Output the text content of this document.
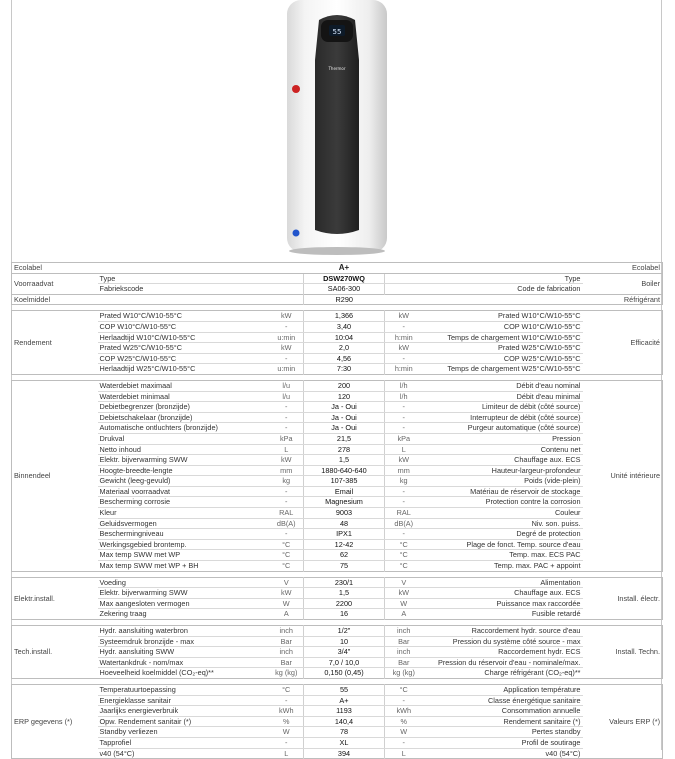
55
Thermor
Ecolabel			A+			Ecolabel
Voorraadvat	Type		DSW270WQ		Type	Boiler
	Fabriekscode		SA06-300		Code de fabrication	
Koelmiddel			R290			Réfrigérant

Rendement	Prated W10°C/W10-55°C	kW	1,366	kW	Prated W10°C/W10-55°C	Efficacité
	COP W10°C/W10-55°C	-	3,40	-	COP W10°C/W10-55°C	
	Herlaadtijd W10°C/W10-55°C	u:min	10:04	h:min	Temps de chargement W10°C/W10-55°C	
	Prated W25°C/W10-55°C	kW	2,0	kW	Prated W25°C/W10-55°C	
	COP W25°C/W10-55°C	-	4,56	-	COP W25°C/W10-55°C	
	Herlaadtijd W25°C/W10-55°C	u:min	7:30	h:min	Temps de chargement W25°C/W10-55°C	

Binnendeel	Waterdebiet maximaal	l/u	200	l/h	Débit d'eau nominal	Unité intérieure
	Waterdebiet minimaal	l/u	120	l/h	Débit d'eau minimal	
	Debietbegrenzer (bronzijde)	-	Ja - Oui	-	Limiteur de débit (côté source)	
	Debietschakelaar (bronzijde)	-	Ja - Oui	-	Interrupteur de débit (côté source)	
	Automatische ontluchters (bronzijde)	-	Ja - Oui	-	Purgeur automatique (côté source)	
	Drukval	kPa	21,5	kPa	Pression	
	Netto inhoud	L	278	L	Contenu net	
	Elektr. bijverwarming SWW	kW	1,5	kW	Chauffage aux. ECS	
	Hoogte-breedte-lengte	mm	1880-640-640	mm	Hauteur-largeur-profondeur	
	Gewicht (leeg-gevuld)	kg	107-385	kg	Poids (vide-plein)	
	Materiaal voorraadvat	-	Email	-	Matériau de réservoir de stockage	
	Bescherming corrosie	-	Magnesium	-	Protection contre la corrosion	
	Kleur	RAL	9003	RAL	Couleur	
	Geluidsvermogen	dB(A)	48	dB(A)	Niv. son. puiss.	
	Beschermingniveau	-	IPX1	-	Degré de protection	
	Werkingsgebied brontemp.	°C	12-42	°C	Plage de fonct. Temp. source d'eau	
	Max temp SWW met WP	°C	62	°C	Temp. max. ECS PAC	
	Max temp SWW met WP + BH	°C	75	°C	Temp. max. PAC + appoint	

Elektr.install.	Voeding	V	230/1	V	Alimentation	Install. électr.
	Elektr. bijverwarming SWW	kW	1,5	kW	Chauffage aux. ECS	
	Max aangesloten vermogen	W	2200	W	Puissance max raccordée	
	Zekering traag	A	16	A	Fusible retardé	

Tech.install.	Hydr. aansluiting waterbron	inch	1/2"	inch	Raccordement hydr. source d'eau	Install. Techn.
	Systeemdruk bronzijde - max	Bar	10	Bar	Pression du système côté source - max	
	Hydr. aansluiting SWW	inch	3/4"	inch	Raccordement hydr. ECS	
	Watertankdruk - nom/max	Bar	7,0 / 10,0	Bar	Pression du réservoir d'eau - nominale/max.	
	Hoeveelheid koelmiddel (CO₂-eq)**	kg (kg)	0,150 (0,45)	kg (kg)	Charge réfrigérant (CO₂-eq)**	

ERP gegevens (*)	Temperatuurtoepassing	°C	55	°C	Application température	Valeurs ERP (*)
	Energieklasse sanitair	-	A+	-	Classe énergétique sanitaire	
	Jaarlijks energieverbruik	kWh	1193	kWh	Consommation annuelle	
	Opw. Rendement sanitair (*)	%	140,4	%	Rendement sanitaire (*)	
	Standby verliezen	W	78	W	Pertes standby	
	Tapprofiel	-	XL	-	Profil de soutirage	
	v40 (54°C)	L	394	L	v40 (54°C)	
